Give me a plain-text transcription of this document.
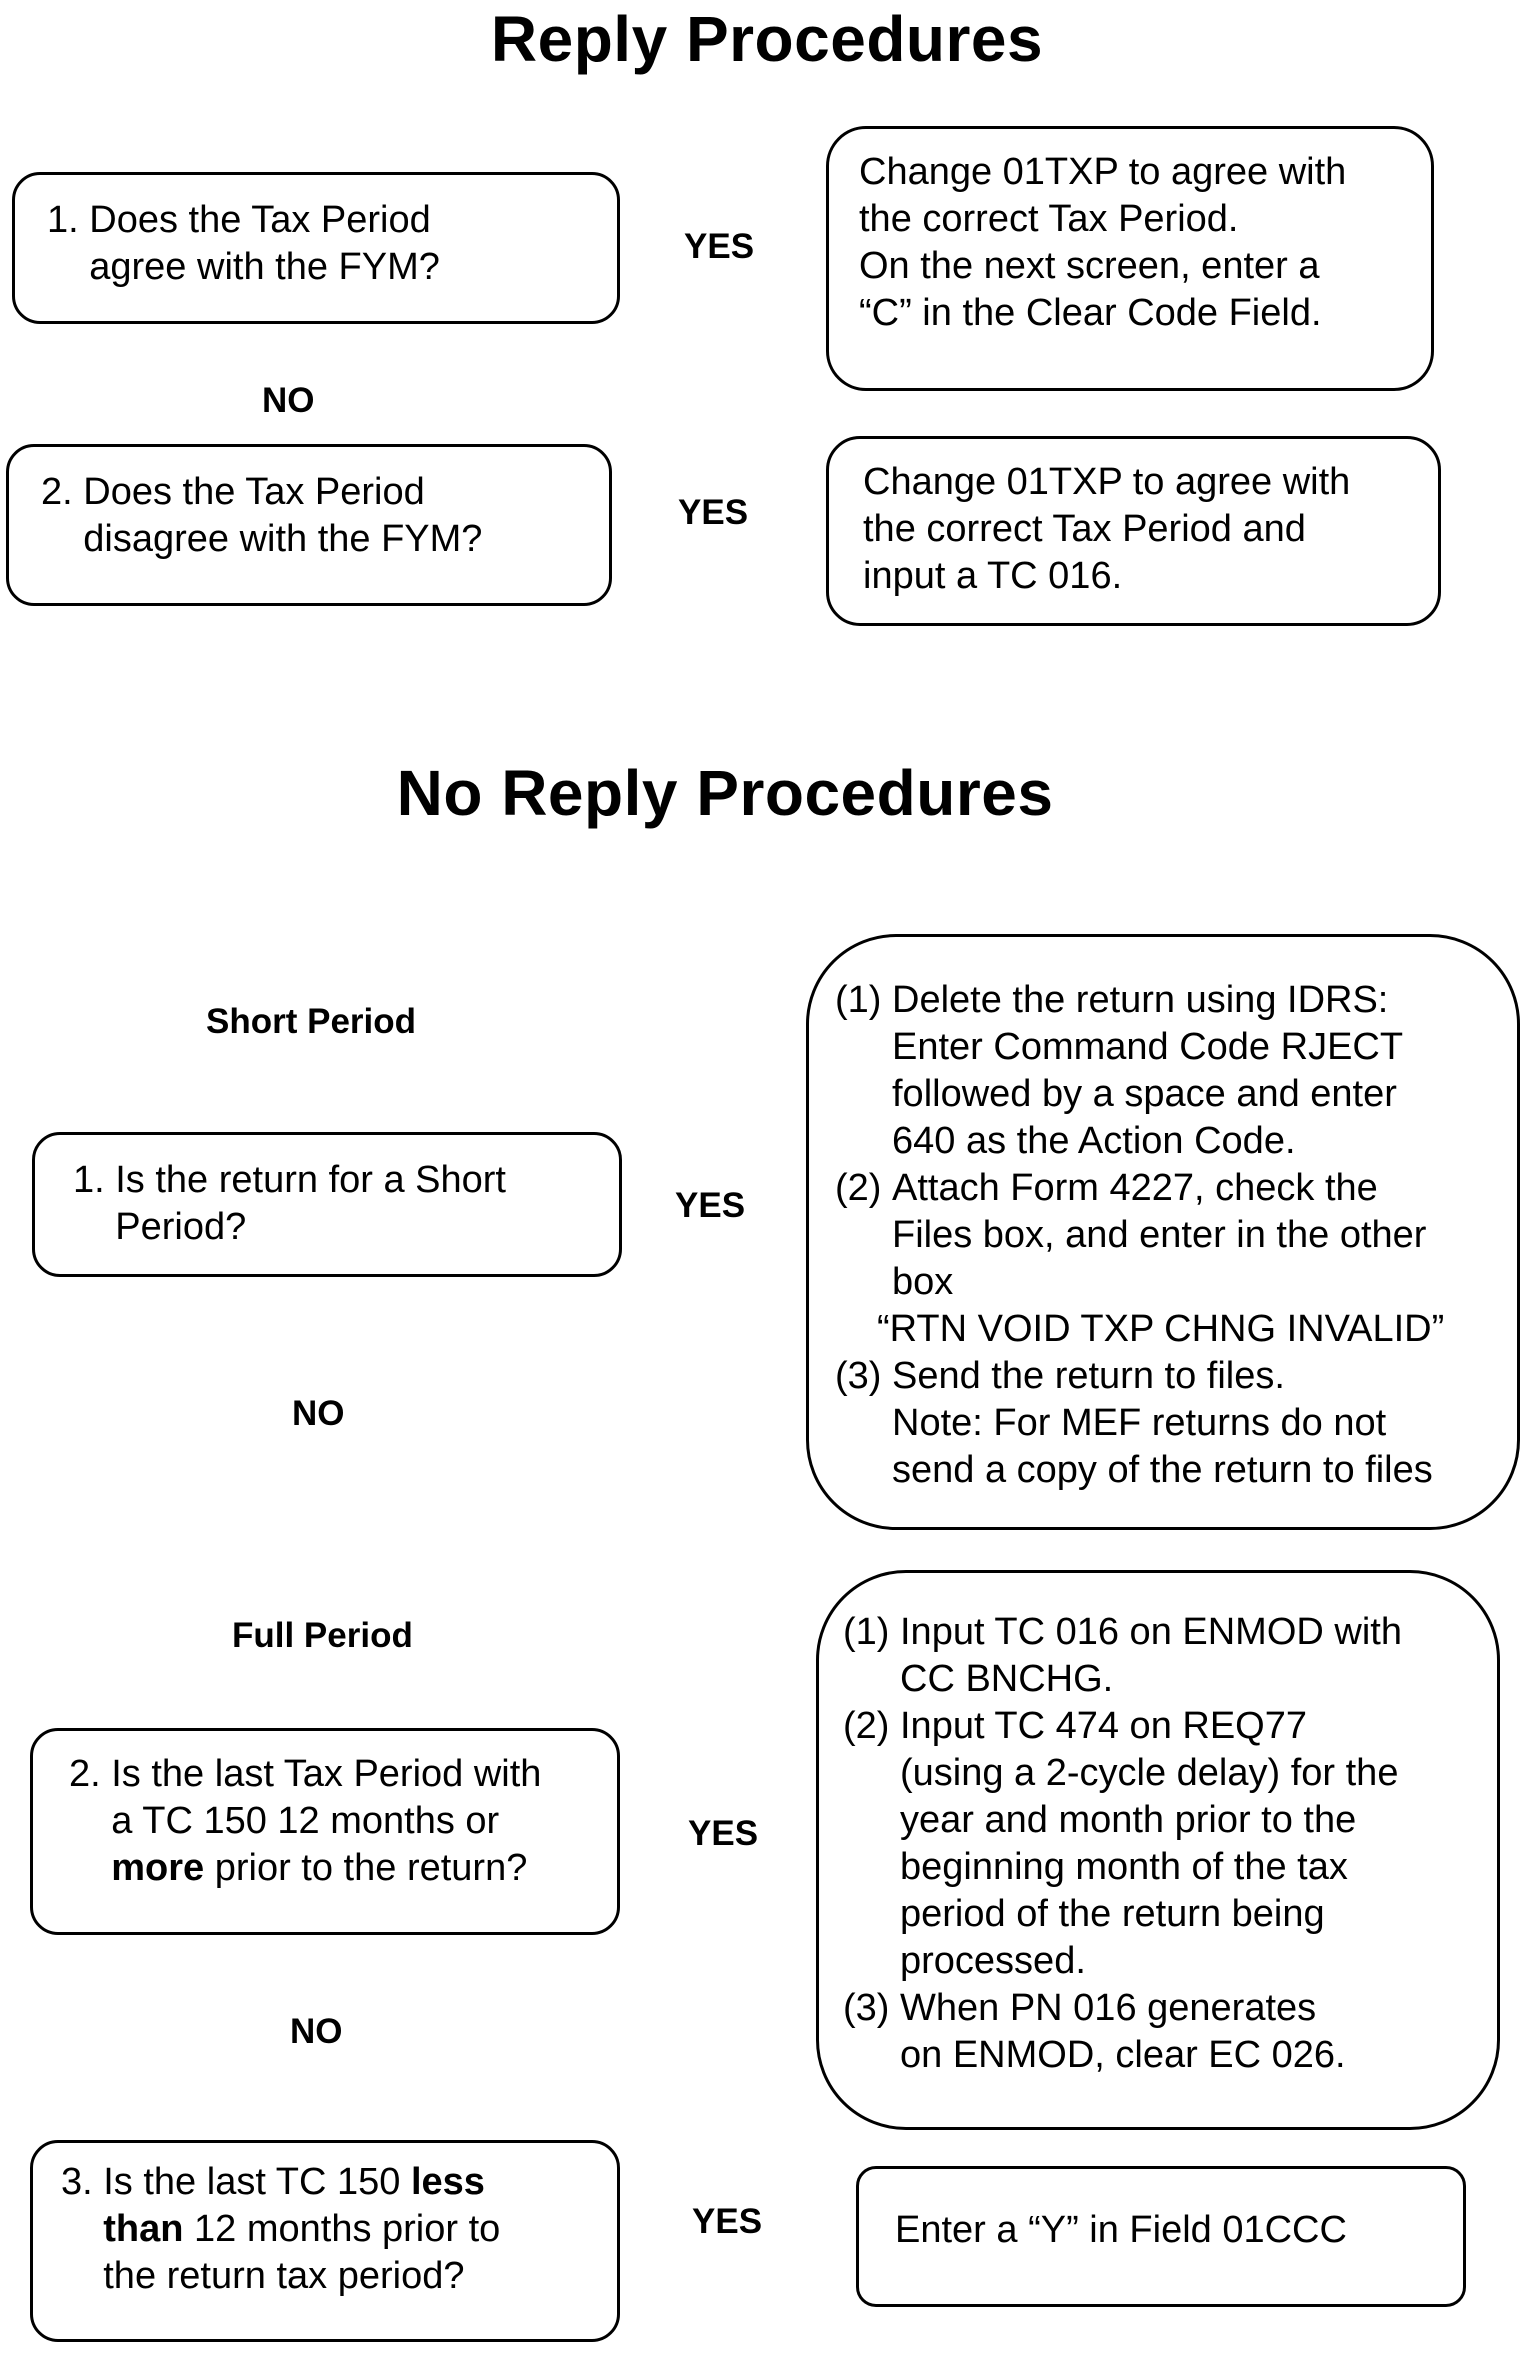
Reply Procedures
1. Does the Tax Period
agree with the FYM?	YES
Change 01TXP to agree with
the correct Tax Period.
On the next screen, enter a
“C” in the Clear Code Field.
NO
2. Does the Tax Period
disagree with the FYM?
YES
Change 01TXP to agree with
the correct Tax Period and
input a TC 016.
No Reply Procedures
Short Period
1. Is the return for a Short
Period?
YES
(1) Delete the return using IDRS:
Enter Command Code RJECT
followed by a space and enter
640 as the Action Code.
(2) Attach Form 4227, check the
Files box, and enter in the other
box
“RTN VOID TXP CHNG INVALID”
(3) Send the return to files.
Note: For MEF returns do not
send a copy of the return to files
NO
Full Period
2. Is the last Tax Period with
a TC 150 12 months or
more prior to the return?
YES
(1) Input TC 016 on ENMOD with
CC BNCHG.
(2) Input TC 474 on REQ77
(using a 2-cycle delay) for the
year and month prior to the
beginning month of the tax
period of the return being
processed.
(3) When PN 016 generates
on ENMOD, clear EC 026.
NO
3. Is the last TC 150 less
than 12 months prior to
the return tax period?
YES	Enter a “Y” in Field 01CCC
